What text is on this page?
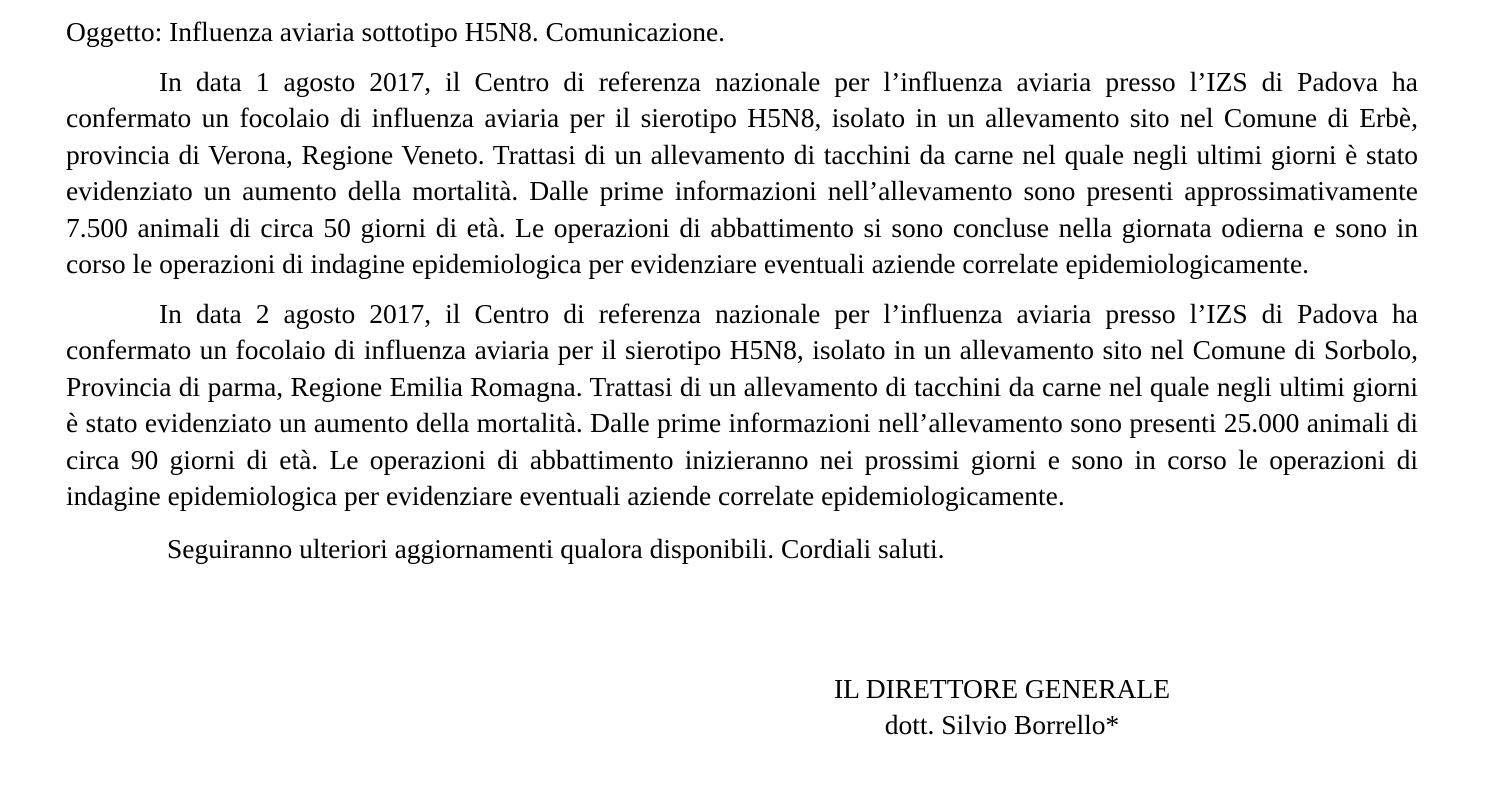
Oggetto: Influenza aviaria sottotipo H5N8. Comunicazione.

In data 1 agosto 2017, il Centro di referenza nazionale per l’influenza aviaria presso l’IZS di Padova ha confermato un focolaio di influenza aviaria per il sierotipo H5N8, isolato in un allevamento sito nel Comune di Erbè, provincia di Verona, Regione Veneto. Trattasi di un allevamento di tacchini da carne nel quale negli ultimi giorni è stato evidenziato un aumento della mortalità. Dalle prime informazioni nell’allevamento sono presenti approssimativamente 7.500 animali di circa 50 giorni di età. Le operazioni di abbattimento si sono concluse nella giornata odierna e sono in corso le operazioni di indagine epidemiologica per evidenziare eventuali aziende correlate epidemiologicamente.

In data 2 agosto 2017, il Centro di referenza nazionale per l’influenza aviaria presso l’IZS di Padova ha confermato un focolaio di influenza aviaria per il sierotipo H5N8, isolato in un allevamento sito nel Comune di Sorbolo, Provincia di parma, Regione Emilia Romagna. Trattasi di un allevamento di tacchini da carne nel quale negli ultimi giorni è stato evidenziato un aumento della mortalità. Dalle prime informazioni nell’allevamento sono presenti 25.000 animali di circa 90 giorni di età. Le operazioni di abbattimento inizieranno nei prossimi giorni e sono in corso le operazioni di indagine epidemiologica per evidenziare eventuali aziende correlate epidemiologicamente.

Seguiranno ulteriori aggiornamenti qualora disponibili. Cordiali saluti.

IL DIRETTORE GENERALE
dott. Silvio Borrello*
